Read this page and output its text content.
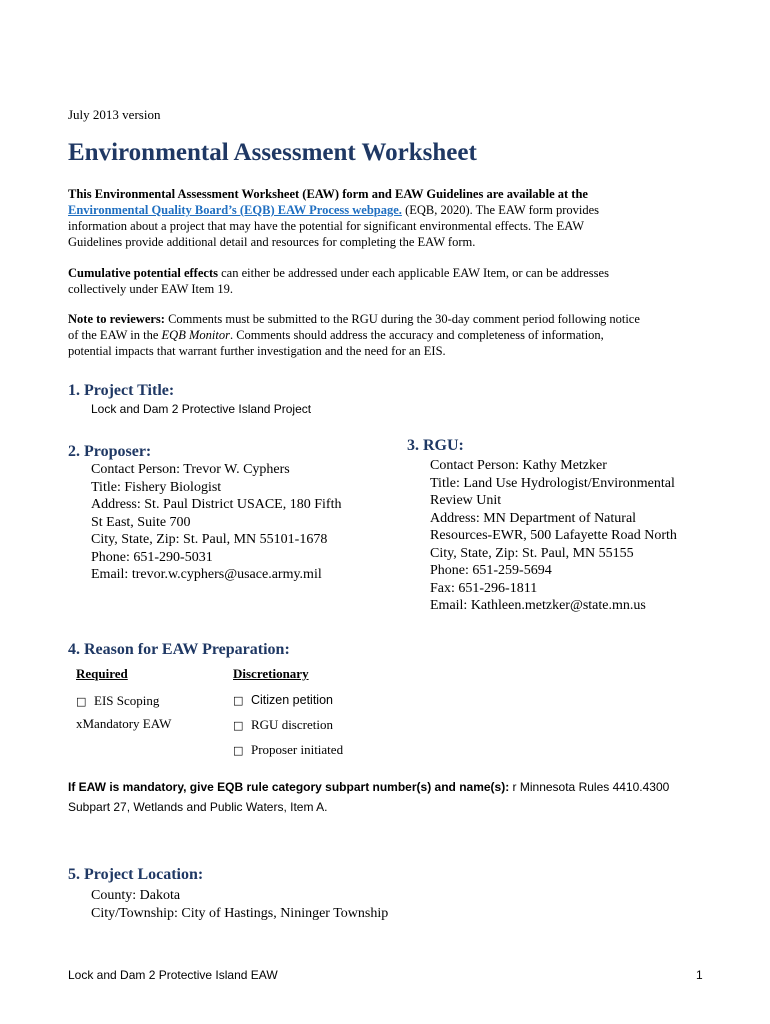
July 2013 version
Environmental Assessment Worksheet
This Environmental Assessment Worksheet (EAW) form and EAW Guidelines are available at the
Environmental Quality Board’s (EQB) EAW Process webpage. (EQB, 2020). The EAW form provides
information about a project that may have the potential for significant environmental effects. The EAW
Guidelines provide additional detail and resources for completing the EAW form.
Cumulative potential effects can either be addressed under each applicable EAW Item, or can be addresses
collectively under EAW Item 19.
Note to reviewers: Comments must be submitted to the RGU during the 30-day comment period following notice
of the EAW in the EQB Monitor. Comments should address the accuracy and completeness of information,
potential impacts that warrant further investigation and the need for an EIS.
1. Project Title:
Lock and Dam 2 Protective Island Project
2. Proposer:
Contact Person: Trevor W. Cyphers
Title: Fishery Biologist
Address: St. Paul District USACE, 180 Fifth
St East, Suite 700
City, State, Zip: St. Paul, MN 55101-1678
Phone: 651-290-5031
Email: trevor.w.cyphers@usace.army.mil
3. RGU:
Contact Person: Kathy Metzker
Title: Land Use Hydrologist/Environmental
Review Unit
Address: MN Department of Natural
Resources-EWR, 500 Lafayette Road North
City, State, Zip: St. Paul, MN 55155
Phone: 651-259-5694
Fax: 651-296-1811
Email: Kathleen.metzker@state.mn.us
4. Reason for EAW Preparation:
Required	Discretionary
□ EIS Scoping
xMandatory EAW
□ Citizen petition
□ RGU discretion
□ Proposer initiated
If EAW is mandatory, give EQB rule category subpart number(s) and name(s): r Minnesota Rules 4410.4300
Subpart 27, Wetlands and Public Waters, Item A.
5. Project Location:
County: Dakota
City/Township: City of Hastings, Nininger Township
Lock and Dam 2 Protective Island EAW	1
